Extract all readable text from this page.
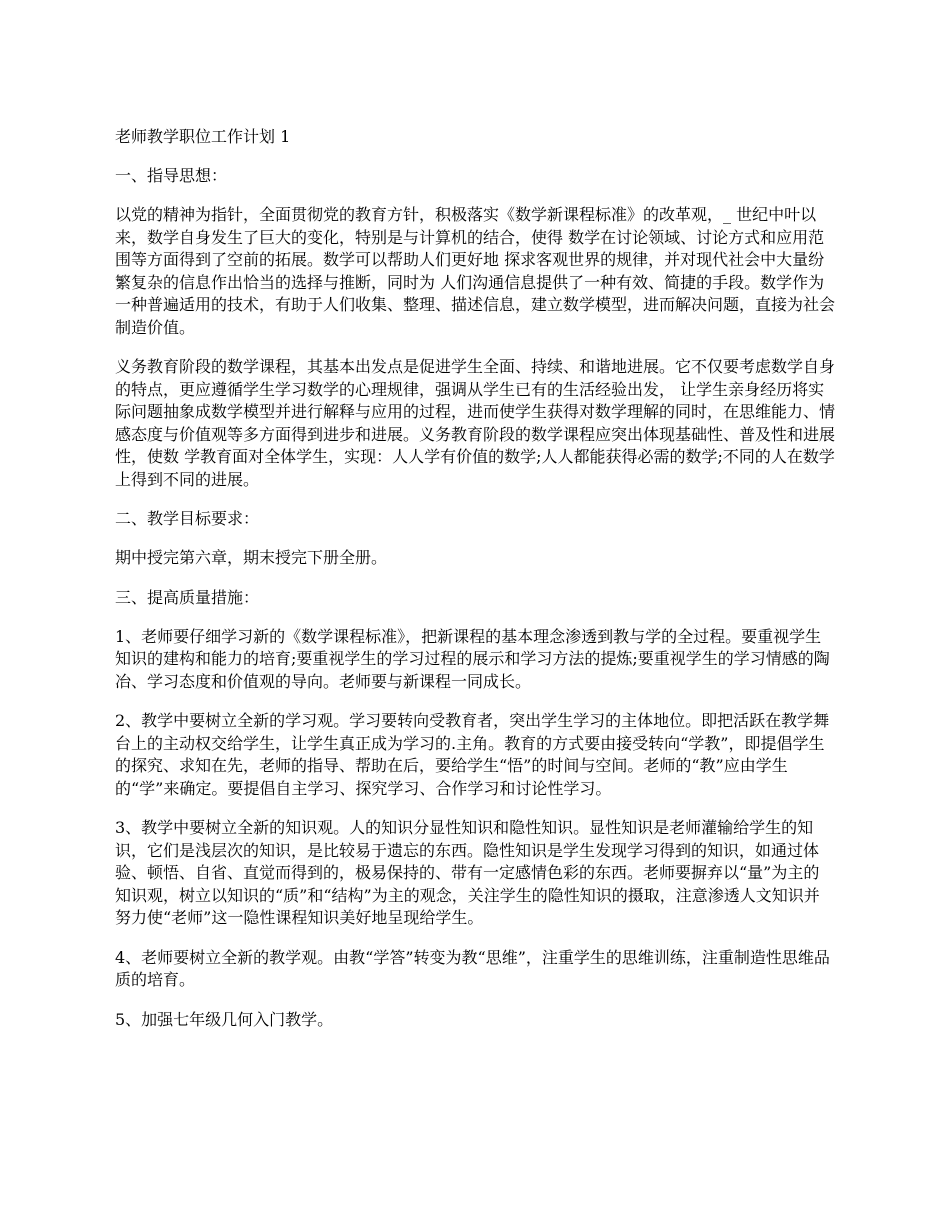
老师教学职位工作计划 1
一、指导思想：

以党的精神为指针，全面贯彻党的教育方针，积极落实《数学新课程标准》的改革观，_ 世纪中叶以来，数学自身发生了巨大的变化，特别是与计算机的结合，使得 数学在讨论领域、讨论方式和应用范围等方面得到了空前的拓展。数学可以帮助人们更好地 探求客观世界的规律，并对现代社会中大量纷繁复杂的信息作出恰当的选择与推断，同时为 人们沟通信息提供了一种有效、简捷的手段。数学作为一种普遍适用的技术，有助于人们收集、整理、描述信息，建立数学模型，进而解决问题，直接为社会制造价值。

义务教育阶段的数学课程，其基本出发点是促进学生全面、持续、和谐地进展。它不仅要考虑数学自身的特点，更应遵循学生学习数学的心理规律，强调从学生已有的生活经验出发， 让学生亲身经历将实际问题抽象成数学模型并进行解释与应用的过程，进而使学生获得对数学理解的同时，在思维能力、情感态度与价值观等多方面得到进步和进展。义务教育阶段的数学课程应突出体现基础性、普及性和进展性，使数 学教育面对全体学生，实现：人人学有价值的数学;人人都能获得必需的数学;不同的人在数学上得到不同的进展。

二、教学目标要求：

期中授完第六章，期末授完下册全册。

三、提高质量措施：

1、老师要仔细学习新的《数学课程标准》，把新课程的基本理念渗透到教与学的全过程。要重视学生知识的建构和能力的培育;要重视学生的学习过程的展示和学习方法的提炼;要重视学生的学习情感的陶冶、学习态度和价值观的导向。老师要与新课程一同成长。

2、教学中要树立全新的学习观。学习要转向受教育者，突出学生学习的主体地位。即把活跃在教学舞台上的主动权交给学生，让学生真正成为学习的.主角。教育的方式要由接受转向“学教”，即提倡学生的探究、求知在先，老师的指导、帮助在后，要给学生“悟”的时间与空间。老师的“教”应由学生的“学”来确定。要提倡自主学习、探究学习、合作学习和讨论性学习。

3、教学中要树立全新的知识观。人的知识分显性知识和隐性知识。显性知识是老师灌输给学生的知识，它们是浅层次的知识，是比较易于遗忘的东西。隐性知识是学生发现学习得到的知识，如通过体验、顿悟、自省、直觉而得到的，极易保持的、带有一定感情色彩的东西。老师要摒弃以“量”为主的知识观，树立以知识的“质”和“结构”为主的观念，关注学生的隐性知识的摄取，注意渗透人文知识并努力使“老师”这一隐性课程知识美好地呈现给学生。

4、老师要树立全新的教学观。由教“学答”转变为教“思维”，注重学生的思维训练，注重制造性思维品质的培育。

5、加强七年级几何入门教学。
